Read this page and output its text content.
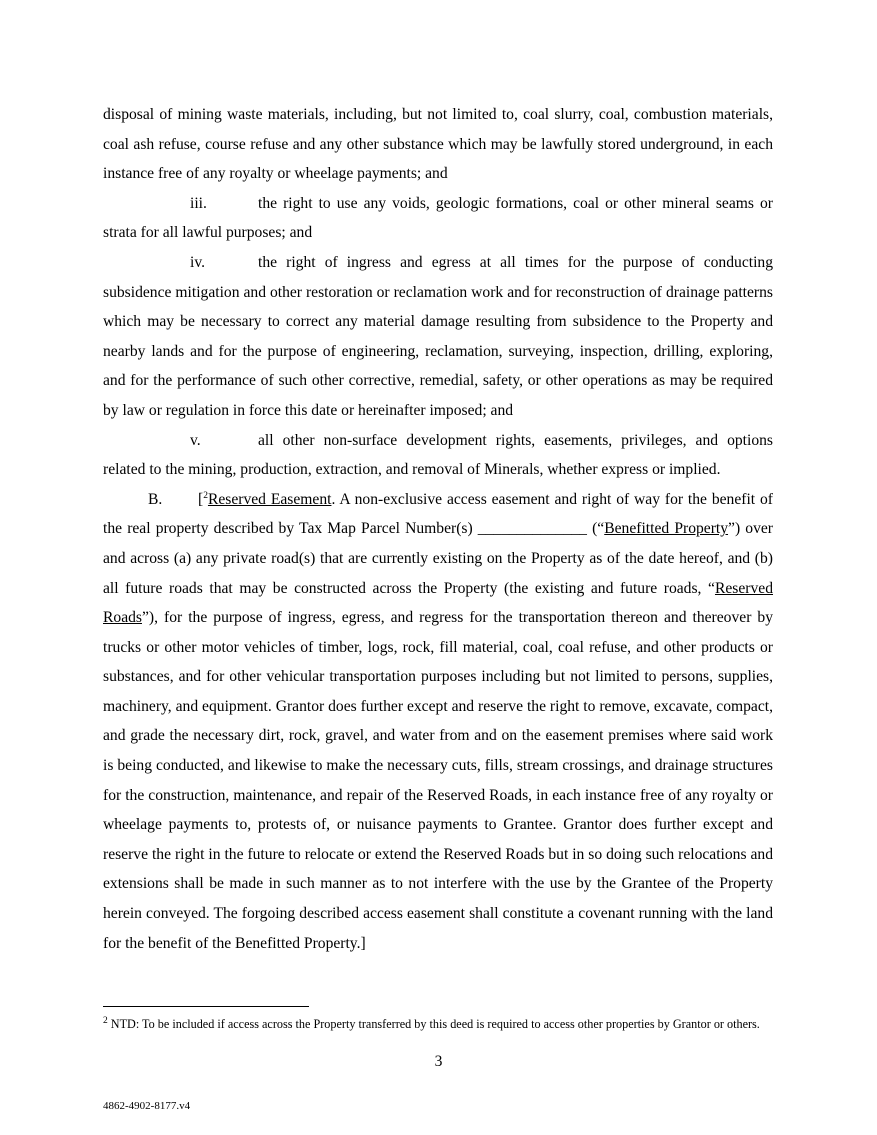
disposal of mining waste materials, including, but not limited to, coal slurry, coal, combustion materials, coal ash refuse, course refuse and any other substance which may be lawfully stored underground, in each instance free of any royalty or wheelage payments; and

iii.	the right to use any voids, geologic formations, coal or other mineral seams or strata for all lawful purposes; and

iv.	the right of ingress and egress at all times for the purpose of conducting subsidence mitigation and other restoration or reclamation work and for reconstruction of drainage patterns which may be necessary to correct any material damage resulting from subsidence to the Property and nearby lands and for the purpose of engineering, reclamation, surveying, inspection, drilling, exploring, and for the performance of such other corrective, remedial, safety, or other operations as may be required by law or regulation in force this date or hereinafter imposed; and

v.	all other non-surface development rights, easements, privileges, and options related to the mining, production, extraction, and removal of Minerals, whether express or implied.

B. [$^2$Reserved Easement. A non-exclusive access easement and right of way for the benefit of the real property described by Tax Map Parcel Number(s) ______________ (“Benefitted Property”) over and across (a) any private road(s) that are currently existing on the Property as of the date hereof, and (b) all future roads that may be constructed across the Property (the existing and future roads, “Reserved Roads”), for the purpose of ingress, egress, and regress for the transportation thereon and thereover by trucks or other motor vehicles of timber, logs, rock, fill material, coal, coal refuse, and other products or substances, and for other vehicular transportation purposes including but not limited to persons, supplies, machinery, and equipment. Grantor does further except and reserve the right to remove, excavate, compact, and grade the necessary dirt, rock, gravel, and water from and on the easement premises where said work is being conducted, and likewise to make the necessary cuts, fills, stream crossings, and drainage structures for the construction, maintenance, and repair of the Reserved Roads, in each instance free of any royalty or wheelage payments to, protests of, or nuisance payments to Grantee. Grantor does further except and reserve the right in the future to relocate or extend the Reserved Roads but in so doing such relocations and extensions shall be made in such manner as to not interfere with the use by the Grantee of the Property herein conveyed. The forgoing described access easement shall constitute a covenant running with the land for the benefit of the Benefitted Property.]

$^2$ NTD: To be included if access across the Property transferred by this deed is required to access other properties by Grantor or others.

3

4862-4902-8177.v4
